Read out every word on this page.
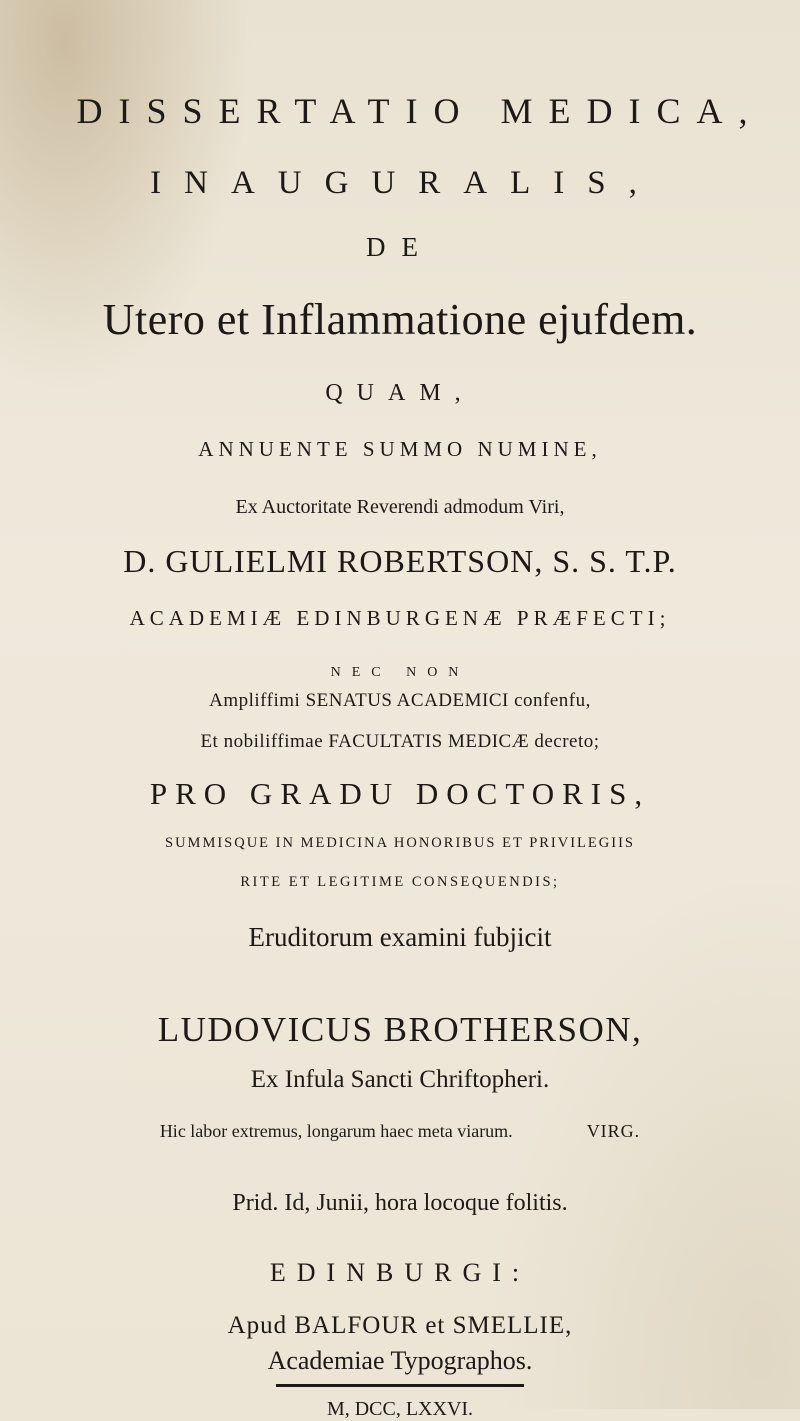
DISSERTATIO MEDICA,
INAUGURALIS,
DE
Utero et Inflammatione ejufdem.
QUAM,
ANNUENTE SUMMO NUMINE,
Ex Auctoritate Reverendi admodum Viri,
D. GULIELMI ROBERTSON, S. S. T.P.
ACADEMIÆ EDINBURGENÆ PRÆFECTI;
NEC NON
Ampliffimi SENATUS ACADEMICI confenfu,
Et nobiliffimae FACULTATIS MEDICÆ decreto;
PRO GRADU DOCTORIS,
SUMMISQUE IN MEDICINA HONORIBUS ET PRIVILEGIIS
RITE ET LEGITIME CONSEQUENDIS;
Eruditorum examini fubjicit
LUDOVICUS BROTHERSON,
Ex Infula Sancti Chriftopheri.
Hic labor extremus, longarum haec meta viarum.	VIRG.
Prid. Id, Junii, hora locoque folitis.
EDINBURGI:
Apud BALFOUR et SMELLIE,
Academiae Typographos.
M, DCC, LXXVI.
